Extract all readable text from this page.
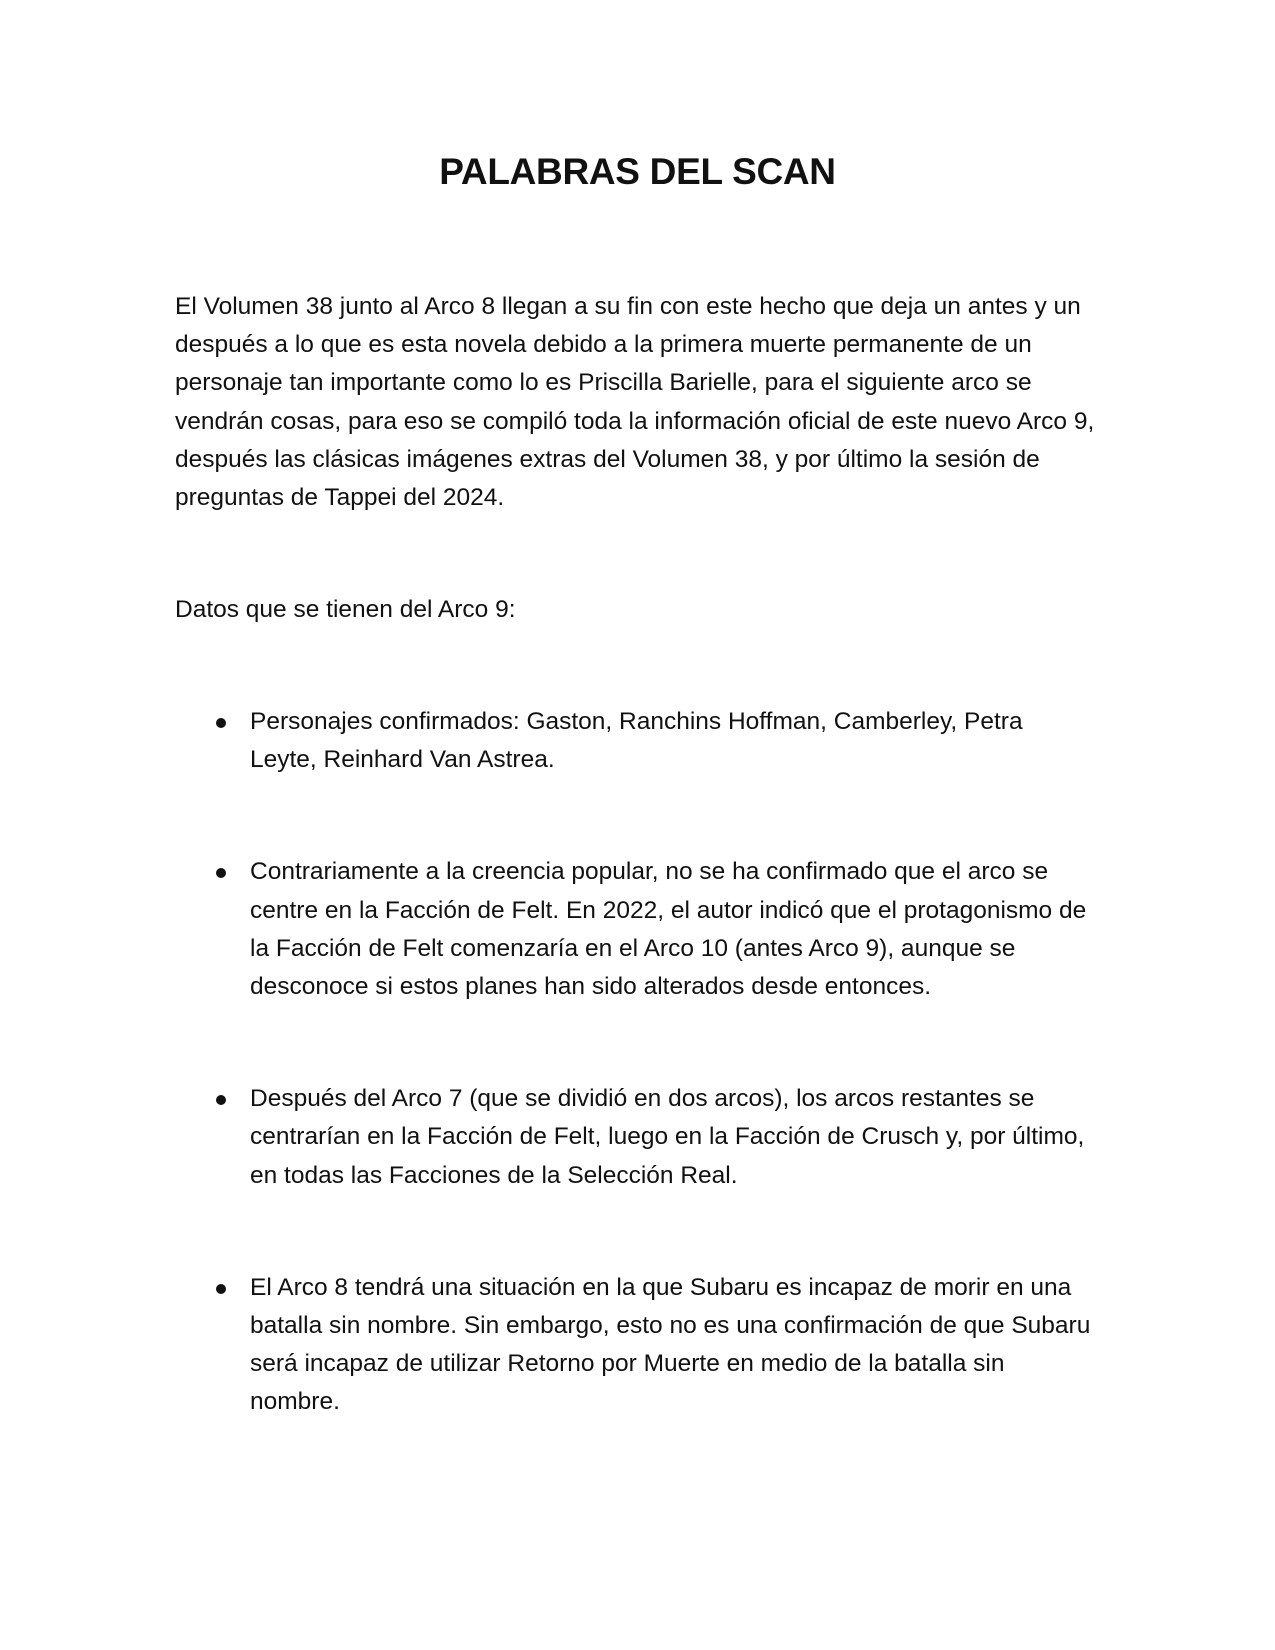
PALABRAS DEL SCAN

El Volumen 38 junto al Arco 8 llegan a su fin con este hecho que deja un antes y un después a lo que es esta novela debido a la primera muerte permanente de un personaje tan importante como lo es Priscilla Barielle, para el siguiente arco se vendrán cosas, para eso se compiló toda la información oficial de este nuevo Arco 9, después las clásicas imágenes extras del Volumen 38, y por último la sesión de preguntas de Tappei del 2024.

Datos que se tienen del Arco 9:

Personajes confirmados: Gaston, Ranchins Hoffman, Camberley, Petra Leyte, Reinhard Van Astrea.
Contrariamente a la creencia popular, no se ha confirmado que el arco se centre en la Facción de Felt. En 2022, el autor indicó que el protagonismo de la Facción de Felt comenzaría en el Arco 10 (antes Arco 9), aunque se desconoce si estos planes han sido alterados desde entonces.
Después del Arco 7 (que se dividió en dos arcos), los arcos restantes se centrarían en la Facción de Felt, luego en la Facción de Crusch y, por último, en todas las Facciones de la Selección Real.
El Arco 8 tendrá una situación en la que Subaru es incapaz de morir en una batalla sin nombre. Sin embargo, esto no es una confirmación de que Subaru será incapaz de utilizar Retorno por Muerte en medio de la batalla sin nombre.
